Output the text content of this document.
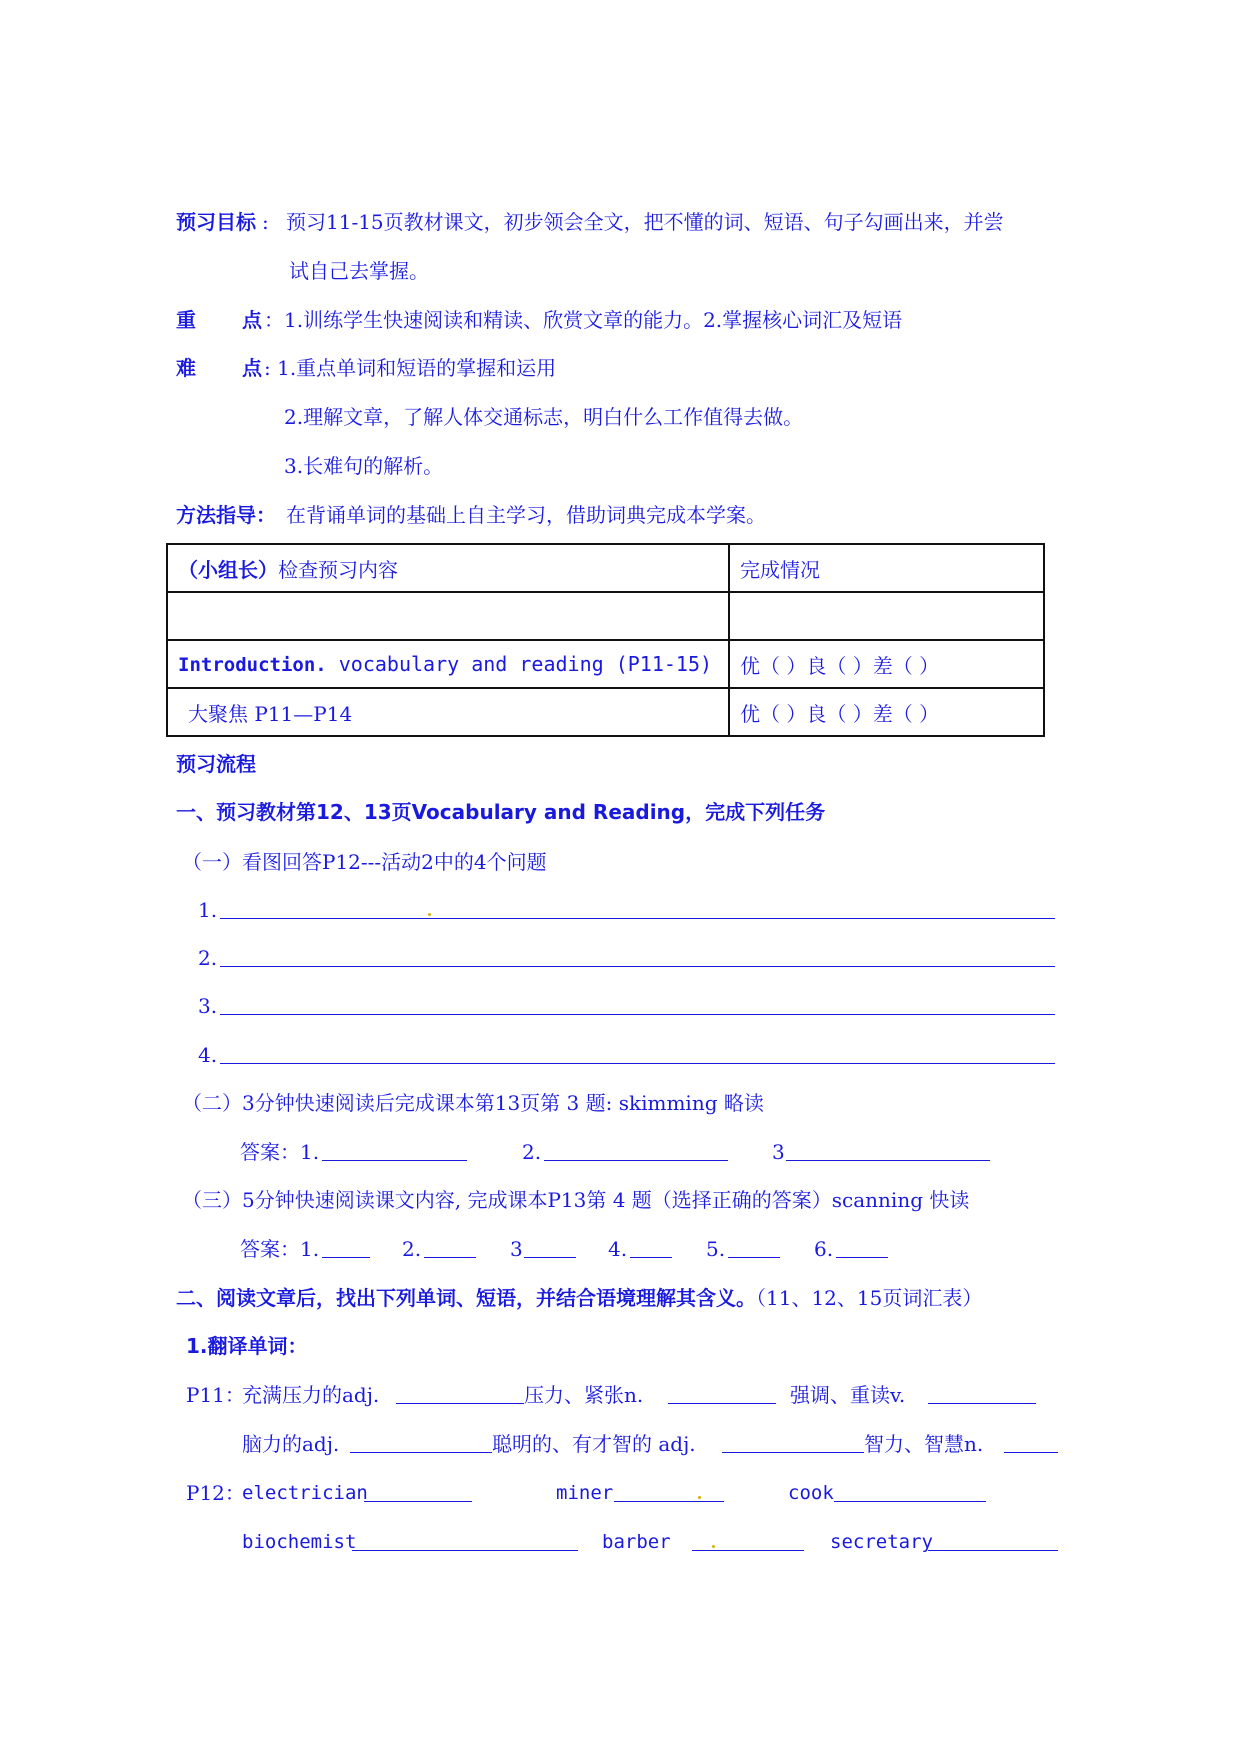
预习目标 : 预习11-15页教材课文，初步领会全文，把不懂的词、短语、句子勾画出来，并尝
试自己去掌握。
重 点 ：1.训练学生快速阅读和精读、欣赏文章的能力。2.掌握核心词汇及短语
难 点 : 1.重点单词和短语的掌握和运用
2.理解文章，了解人体交通标志，明白什么工作值得去做。
3.长难句的解析。
方法指导： 在背诵单词的基础上自主学习，借助词典完成本学案。
（小组长）检查预习内容	完成情况

Introduction. vocabulary and reading (P11-15)	优（ ）良（ ）差（ ）
大聚焦 P11—P14	优（ ）良（ ）差（ ）
预习流程
一、预习教材第12、13页Vocabulary and Reading，完成下列任务
（一）看图回答P12---活动2中的4个问题
1.
2.
3.
4.
（二）3分钟快速阅读后完成课本第13页第 3 题: skimming 略读
答案：1.	2.	3
（三）5分钟快速阅读课文内容, 完成课本P13第 4 题（选择正确的答案）scanning 快读
答案：1.	2.	3	4.	5.	6.
二、阅读文章后，找出下列单词、短语，并结合语境理解其含义。（11、12、15页词汇表）
1.翻译单词：
P11：
充满压力的adj.	压力、紧张n.	强调、重读v.
脑力的adj.	聪明的、有才智的 adj.	智力、智慧n.
P12：
electrician	miner	cook
biochemist	barber	secretary
